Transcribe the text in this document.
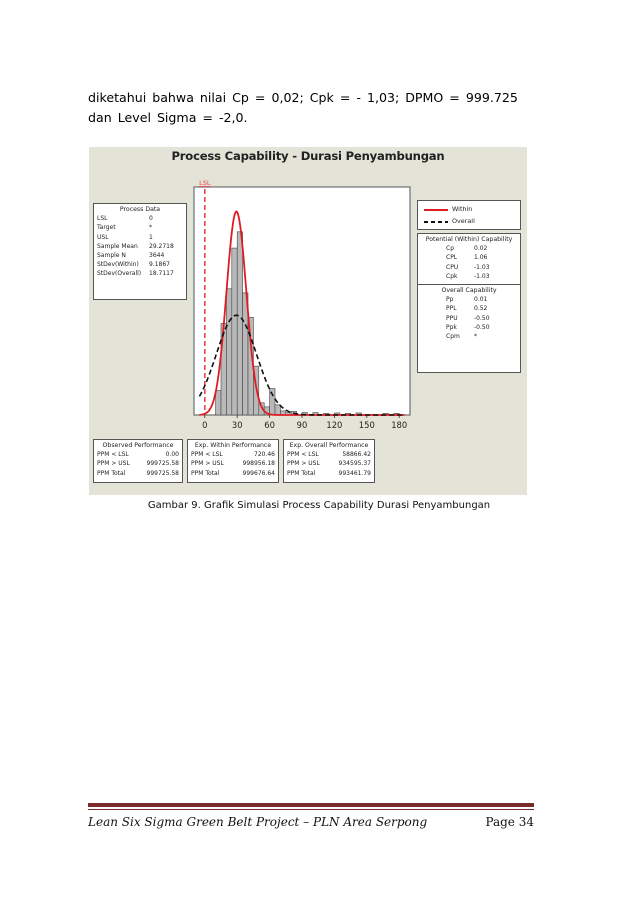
diketahui bahwa nilai Cp = 0,02; Cpk = - 1,03; DPMO = 999.725
dan Level Sigma = -2,0.
Process Capability - Durasi Penyambungan
Process Data
LSL	0
Target	*
USL	1
Sample Mean	29.2718
Sample N	3644
StDev(Within)	9.1867
StDev(Overall)	18.7117
Within
Overall
Potential (Within) Capability
Cp	0.02
CPL	1.06
CPU	-1.03
Cpk	-1.03
Overall Capability
Pp	0.01
PPL	0.52
PPU	-0.50
Ppk	-0.50
Cpm	*
LSL
0	30	60	90 120 150 180
Observed Performance
PPM < LSL	0.00
PPM > USL	999725.58
PPM Total	999725.58
Exp. Within Performance
PPM < LSL	720.46
PPM > USL	998956.18
PPM Total	999676.64
Exp. Overall Performance
PPM < LSL	58866.42
PPM > USL	934595.37
PPM Total	993461.79
Gambar 9. Grafik Simulasi Process Capability Durasi Penyambungan
Lean Six Sigma Green Belt Project – PLN Area Serpong	Page 34
